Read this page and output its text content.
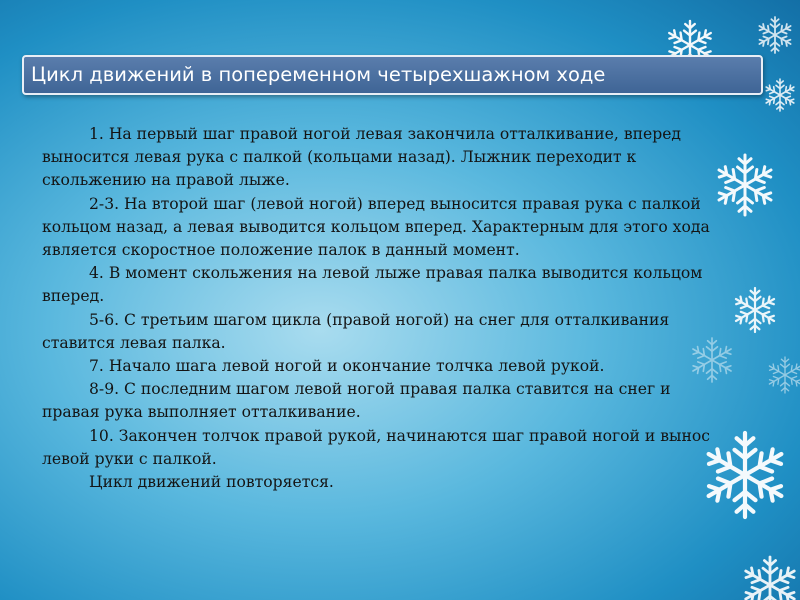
Цикл движений в попеременном четырехшажном ходе

1. На первый шаг правой ногой левая закончила отталкивание, вперед выносится левая рука с палкой (кольцами назад). Лыжник переходит к скольжению на правой лыже.

2-3. На второй шаг (левой ногой) вперед выносится правая рука с палкой кольцом назад, а левая выводится кольцом вперед. Характерным для этого хода является скоростное положение палок в данный момент.

4. В момент скольжения на левой лыже правая палка выводится кольцом вперед.

5-6. С третьим шагом цикла (правой ногой) на снег для отталкивания ставится левая палка.

7. Начало шага левой ногой и окончание толчка левой рукой.

8-9. С последним шагом левой ногой правая палка ставится на снег и правая рука выполняет отталкивание.

10. Закончен толчок правой рукой, начинаются шаг правой ногой и вынос левой руки с палкой.

Цикл движений повторяется.
